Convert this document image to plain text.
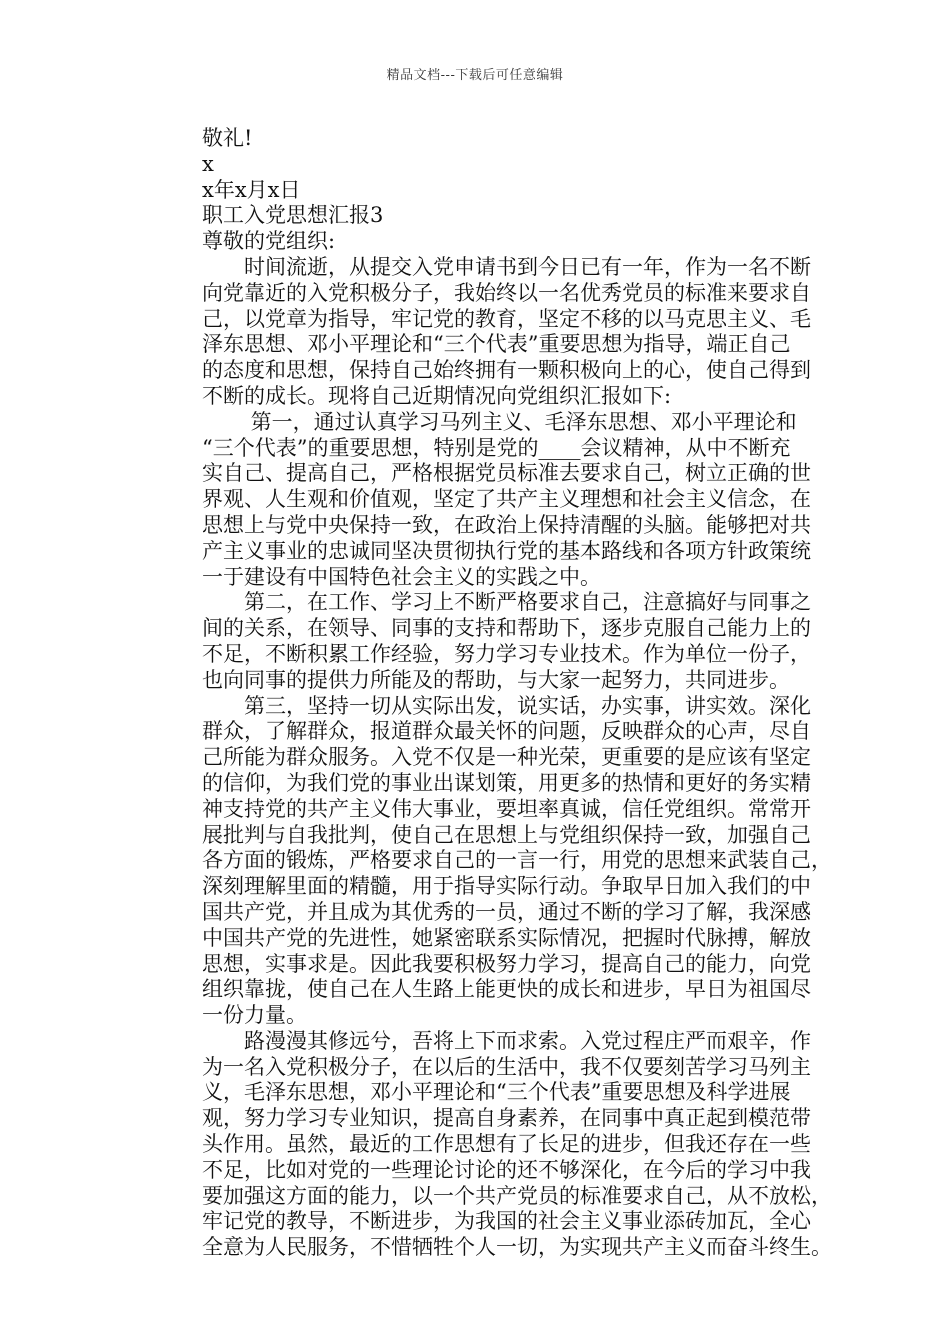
精品文档---下载后可任意编辑
敬礼!
x
x年x月x日
职工入党思想汇报3
尊敬的党组织:
　　时间流逝，从提交入党申请书到今日已有一年，作为一名不断
向党靠近的入党积极分子，我始终以一名优秀党员的标准来要求自
己，以党章为指导，牢记党的教育，坚定不移的以马克思主义、毛
泽东思想、邓小平理论和“三个代表”重要思想为指导，端正自己
的态度和思想，保持自己始终拥有一颗积极向上的心，使自己得到
不断的成长。现将自己近期情况向党组织汇报如下:
　　 第一，通过认真学习马列主义、毛泽东思想、邓小平理论和
“三个代表”的重要思想，特别是党的____会议精神，从中不断充
实自己、提高自己，严格根据党员标准去要求自己，树立正确的世
界观、人生观和价值观，坚定了共产主义理想和社会主义信念，在
思想上与党中央保持一致，在政治上保持清醒的头脑。能够把对共
产主义事业的忠诚同坚决贯彻执行党的基本路线和各项方针政策统
一于建设有中国特色社会主义的实践之中。
　　第二，在工作、学习上不断严格要求自己，注意搞好与同事之
间的关系，在领导、同事的支持和帮助下，逐步克服自己能力上的
不足，不断积累工作经验，努力学习专业技术。作为单位一份子，
也向同事的提供力所能及的帮助，与大家一起努力，共同进步。
　　第三，坚持一切从实际出发，说实话，办实事，讲实效。深化
群众，了解群众，报道群众最关怀的问题，反映群众的心声，尽自
己所能为群众服务。入党不仅是一种光荣，更重要的是应该有坚定
的信仰，为我们党的事业出谋划策，用更多的热情和更好的务实精
神支持党的共产主义伟大事业，要坦率真诚，信任党组织。常常开
展批判与自我批判，使自己在思想上与党组织保持一致，加强自己
各方面的锻炼，严格要求自己的一言一行，用党的思想来武装自己，
深刻理解里面的精髓，用于指导实际行动。争取早日加入我们的中
国共产党，并且成为其优秀的一员，通过不断的学习了解，我深感
中国共产党的先进性，她紧密联系实际情况，把握时代脉搏，解放
思想，实事求是。因此我要积极努力学习，提高自己的能力，向党
组织靠拢，使自己在人生路上能更快的成长和进步，早日为祖国尽
一份力量。
　　路漫漫其修远兮，吾将上下而求索。入党过程庄严而艰辛，作
为一名入党积极分子，在以后的生活中，我不仅要刻苦学习马列主
义，毛泽东思想，邓小平理论和“三个代表”重要思想及科学进展
观，努力学习专业知识，提高自身素养，在同事中真正起到模范带
头作用。虽然，最近的工作思想有了长足的进步，但我还存在一些
不足，比如对党的一些理论讨论的还不够深化，在今后的学习中我
要加强这方面的能力，以一个共产党员的标准要求自己，从不放松，
牢记党的教导，不断进步，为我国的社会主义事业添砖加瓦，全心
全意为人民服务，不惜牺牲个人一切，为实现共产主义而奋斗终生。
